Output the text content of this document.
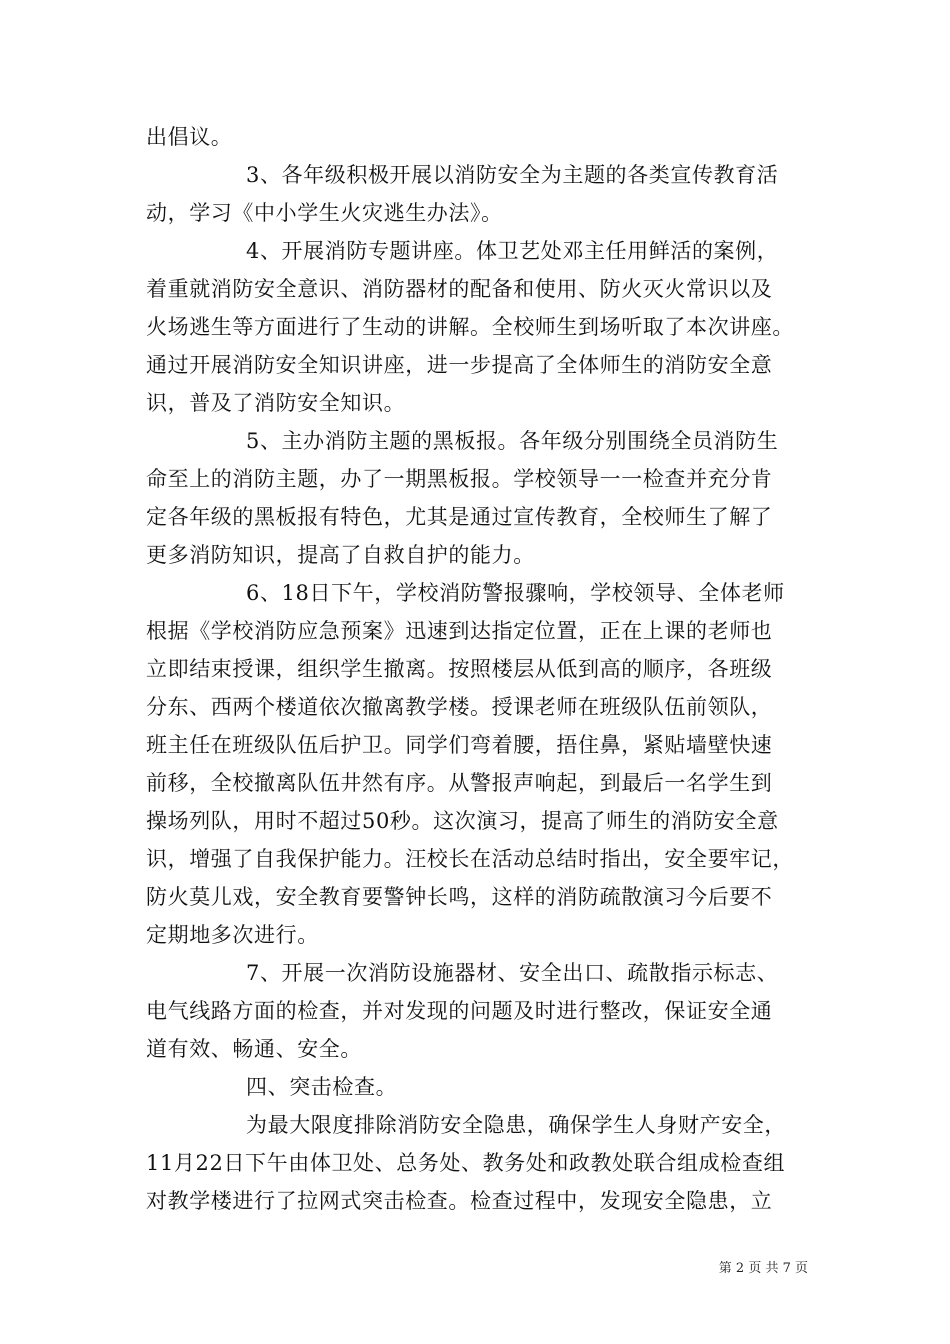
出倡议。
3、各年级积极开展以消防安全为主题的各类宣传教育活
动，学习《中小学生火灾逃生办法》。
4、开展消防专题讲座。体卫艺处邓主任用鲜活的案例，
着重就消防安全意识、消防器材的配备和使用、防火灭火常识以及
火场逃生等方面进行了生动的讲解。全校师生到场听取了本次讲座。
通过开展消防安全知识讲座，进一步提高了全体师生的消防安全意
识，普及了消防安全知识。
5、主办消防主题的黑板报。各年级分别围绕全员消防生
命至上的消防主题，办了一期黑板报。学校领导一一检查并充分肯
定各年级的黑板报有特色，尤其是通过宣传教育，全校师生了解了
更多消防知识，提高了自救自护的能力。
6、18日下午，学校消防警报骤响，学校领导、全体老师
根据《学校消防应急预案》迅速到达指定位置，正在上课的老师也
立即结束授课，组织学生撤离。按照楼层从低到高的顺序，各班级
分东、西两个楼道依次撤离教学楼。授课老师在班级队伍前领队，
班主任在班级队伍后护卫。同学们弯着腰，捂住鼻，紧贴墙壁快速
前移，全校撤离队伍井然有序。从警报声响起，到最后一名学生到
操场列队，用时不超过50秒。这次演习，提高了师生的消防安全意
识，增强了自我保护能力。汪校长在活动总结时指出，安全要牢记，
防火莫儿戏，安全教育要警钟长鸣，这样的消防疏散演习今后要不
定期地多次进行。
7、开展一次消防设施器材、安全出口、疏散指示标志、
电气线路方面的检查，并对发现的问题及时进行整改，保证安全通
道有效、畅通、安全。
四、突击检查。
为最大限度排除消防安全隐患，确保学生人身财产安全，
11月22日下午由体卫处、总务处、教务处和政教处联合组成检查组
对教学楼进行了拉网式突击检查。检查过程中，发现安全隐患，立
第 2 页 共 7 页
